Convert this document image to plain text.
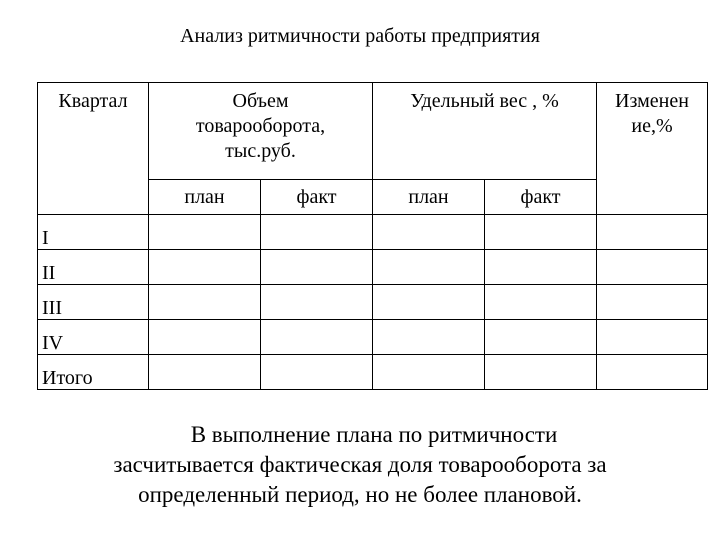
Анализ ритмичности работы предприятия
Квартал	Объем товарооборота, тыс.руб.		Удельный вес , %		Изменен
ие,%

	план	факт	план	факт	
I					
II					
III					
IV					
Итого					
В выполнение плана по ритмичности
засчитывается фактическая доля товарооборота за
определенный период, но не более плановой.
